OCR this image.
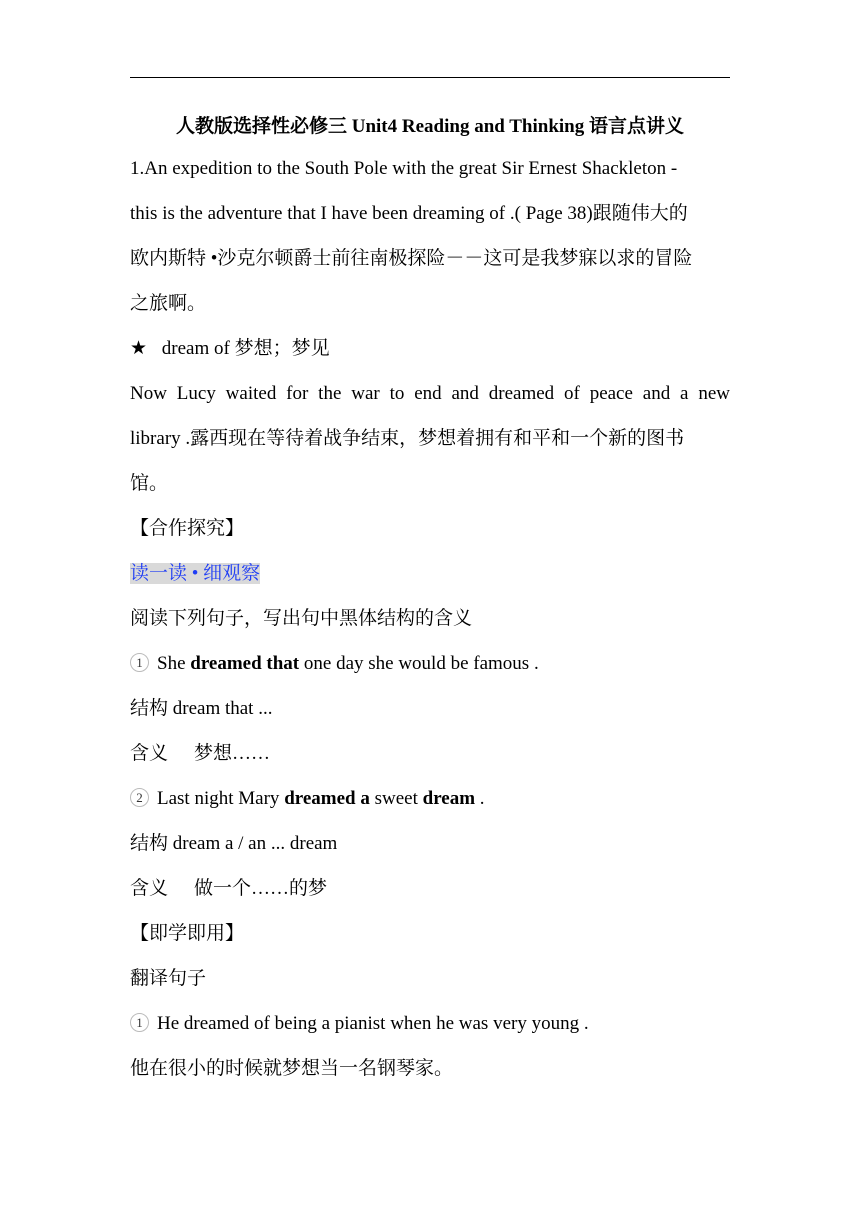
人教版选择性必修三 Unit4 Reading and Thinking 语言点讲义
1.An expedition to the South Pole with the great Sir Ernest Shackleton -
this is the adventure that I have been dreaming of .( Page 38)跟随伟大的
欧内斯特 •沙克尔顿爵士前往南极探险－－这可是我梦寐以求的冒险
之旅啊。
★ dream of 梦想；梦见
Now Lucy waited for the war to end and dreamed of peace and a new
library .露西现在等待着战争结束，梦想着拥有和平和一个新的图书
馆。
【合作探究】
读一读 • 细观察
阅读下列句子，写出句中黑体结构的含义
1 She dreamed that one day she would be famous .
结构 dream that ...
含义 梦想……
2 Last night Mary dreamed a sweet dream .
结构 dream a / an ... dream
含义 做一个……的梦
【即学即用】
翻译句子
1 He dreamed of being a pianist when he was very young .
他在很小的时候就梦想当一名钢琴家。
